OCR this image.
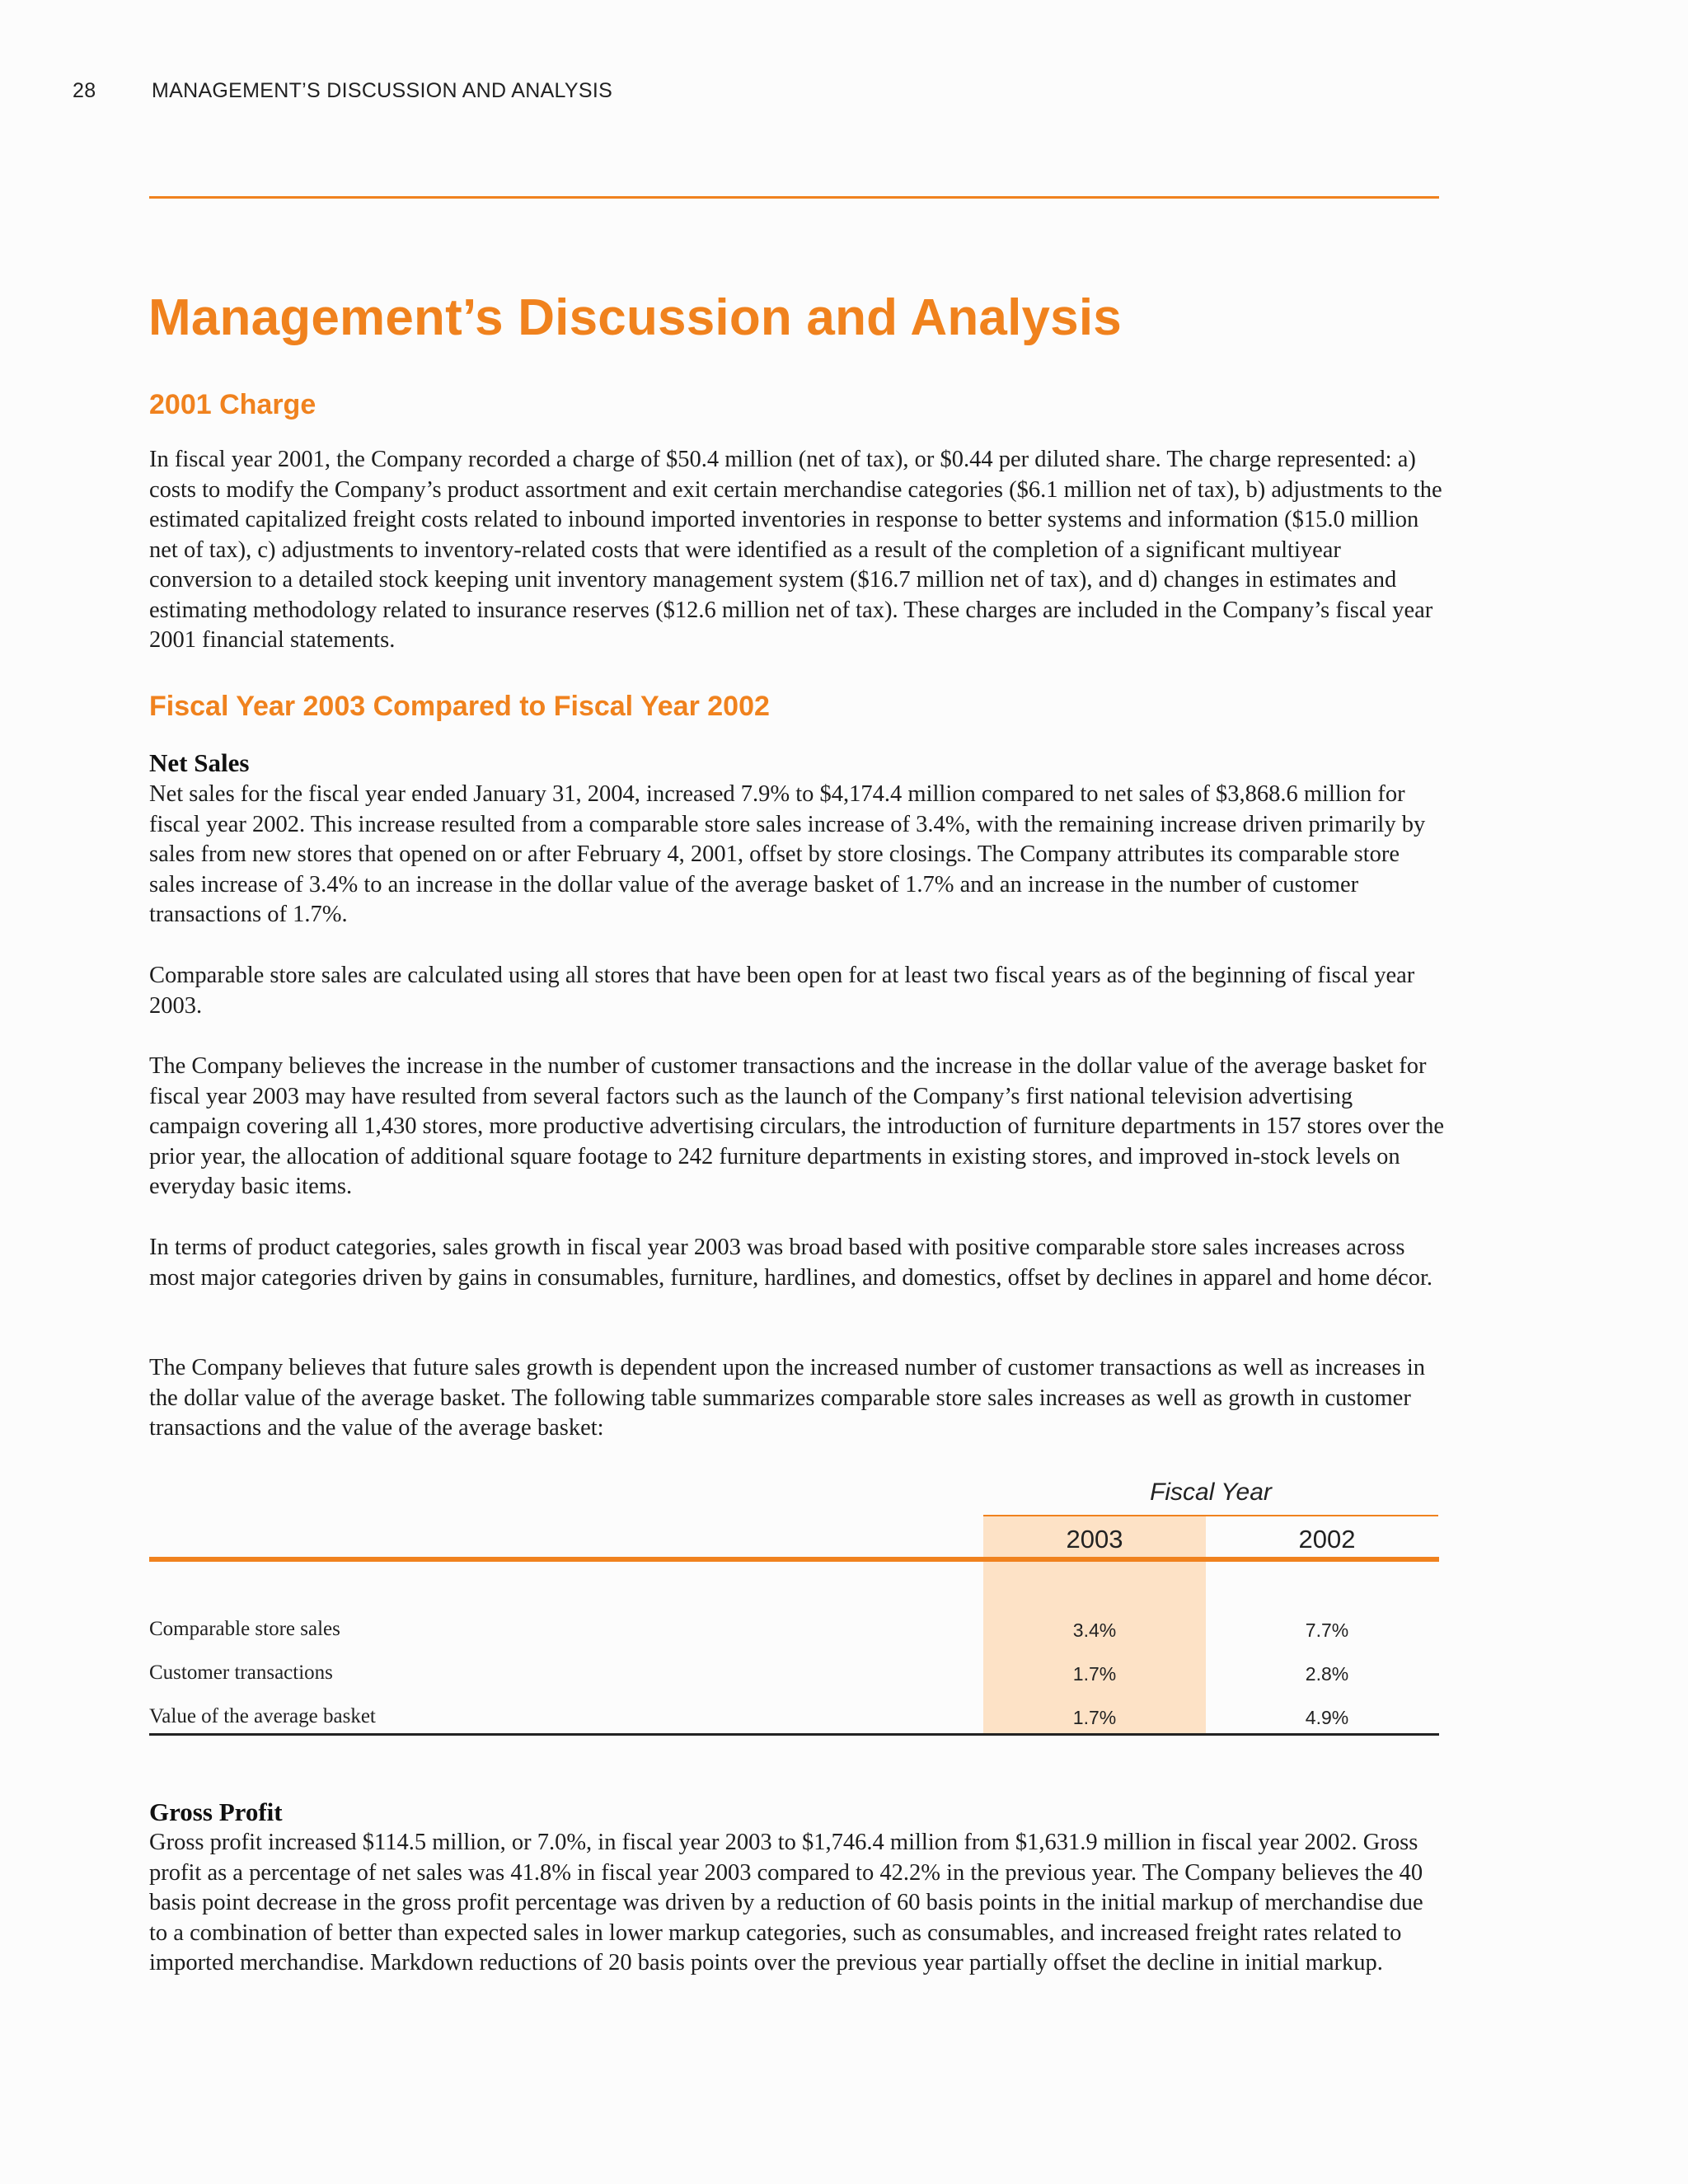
28	MANAGEMENT’S DISCUSSION AND ANALYSIS
Management’s Discussion and Analysis
2001 Charge

In fiscal year 2001, the Company recorded a charge of $50.4 million (net of tax), or $0.44 per diluted share. The charge represented: a) costs to modify the Company’s product assortment and exit certain merchandise categories ($6.1 million net of tax), b) adjustments to the estimated capitalized freight costs related to inbound imported inventories in response to better systems and information ($15.0 million net of tax), c) adjustments to inventory-related costs that were identified as a result of the completion of a significant multiyear conversion to a detailed stock keeping unit inventory management system ($16.7 million net of tax), and d) changes in estimates and estimating methodology related to insurance reserves ($12.6 million net of tax). These charges are included in the Company’s fiscal year 2001 financial statements.

Fiscal Year 2003 Compared to Fiscal Year 2002
Net Sales

Net sales for the fiscal year ended January 31, 2004, increased 7.9% to $4,174.4 million compared to net sales of $3,868.6 million for fiscal year 2002. This increase resulted from a comparable store sales increase of 3.4%, with the remaining increase driven primarily by sales from new stores that opened on or after February 4, 2001, offset by store closings. The Company attributes its comparable store sales increase of 3.4% to an increase in the dollar value of the average basket of 1.7% and an increase in the number of customer transactions of 1.7%.

Comparable store sales are calculated using all stores that have been open for at least two fiscal years as of the beginning of fiscal year 2003.

The Company believes the increase in the number of customer transactions and the increase in the dollar value of the average basket for fiscal year 2003 may have resulted from several factors such as the launch of the Company’s first national television advertising campaign covering all 1,430 stores, more productive advertising circulars, the introduction of furniture departments in 157 stores over the prior year, the allocation of additional square footage to 242 furniture departments in existing stores, and improved in-stock levels on everyday basic items.

In terms of product categories, sales growth in fiscal year 2003 was broad based with positive comparable store sales increases across most major categories driven by gains in consumables, furniture, hardlines, and domestics, offset by declines in apparel and home décor.

The Company believes that future sales growth is dependent upon the increased number of customer transactions as well as increases in the dollar value of the average basket. The following table summarizes comparable store sales increases as well as growth in customer transactions and the value of the average basket:

Fiscal Year
2003	2002
Comparable store sales	3.4%	7.7%
Customer transactions	1.7%	2.8%
Value of the average basket	1.7%	4.9%
Gross Profit

Gross profit increased $114.5 million, or 7.0%, in fiscal year 2003 to $1,746.4 million from $1,631.9 million in fiscal year 2002. Gross profit as a percentage of net sales was 41.8% in fiscal year 2003 compared to 42.2% in the previous year. The Company believes the 40 basis point decrease in the gross profit percentage was driven by a reduction of 60 basis points in the initial markup of merchandise due to a combination of better than expected sales in lower markup categories, such as consumables, and increased freight rates related to imported merchandise. Markdown reductions of 20 basis points over the previous year partially offset the decline in initial markup.
